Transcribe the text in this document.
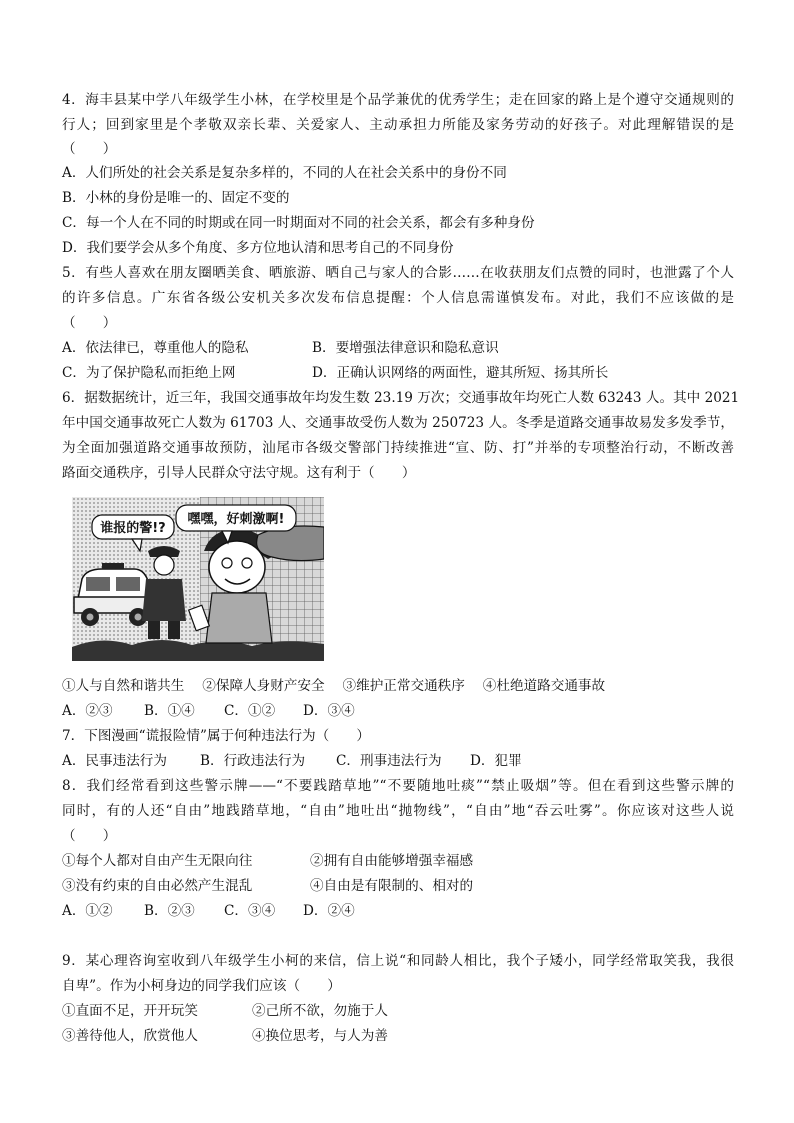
4．海丰县某中学八年级学生小林，在学校里是个品学兼优的优秀学生；走在回家的路上是个遵守交通规则的
行人；回到家里是个孝敬双亲长辈、关爱家人、主动承担力所能及家务劳动的好孩子。对此理解错误的是
（　　）
A．人们所处的社会关系是复杂多样的，不同的人在社会关系中的身份不同
B．小林的身份是唯一的、固定不变的
C．每一个人在不同的时期或在同一时期面对不同的社会关系，都会有多种身份
D．我们要学会从多个角度、多方位地认清和思考自己的不同身份
5．有些人喜欢在朋友圈晒美食、晒旅游、晒自己与家人的合影……在收获朋友们点赞的同时，也泄露了个人
的许多信息。广东省各级公安机关多次发布信息提醒：个人信息需谨慎发布。对此，我们不应该做的是
（　　）
A．依法律已，尊重他人的隐私	B．要增强法律意识和隐私意识
C．为了保护隐私而拒绝上网	D．正确认识网络的两面性，避其所短、扬其所长
6．据数据统计，近三年，我国交通事故年均发生数 23.19 万次；交通事故年均死亡人数 63243 人。其中 2021
年中国交通事故死亡人数为 61703 人、交通事故受伤人数为 250723 人。冬季是道路交通事故易发多发季节，
为全面加强道路交通事故预防，汕尾市各级交警部门持续推进“宣、防、打”并举的专项整治行动，不断改善
路面交通秩序，引导人民群众守法守规。这有利于（　　）
谁报的警!?
嘿嘿，好刺激啊!
①人与自然和谐共生　 ②保障人身财产安全　 ③维护正常交通秩序　 ④杜绝道路交通事故
A．②③ B．①④ C．①② D．③④
7．下图漫画“谎报险情”属于何种违法行为（　　）
A．民事违法行为 B．行政违法行为 C．刑事违法行为 D．犯罪
8．我们经常看到这些警示牌——“不要践踏草地”“不要随地吐痰”“禁止吸烟”等。但在看到这些警示牌的
同时，有的人还“自由”地践踏草地，“自由”地吐出“抛物线”，“自由”地“吞云吐雾”。你应该对这些人说
（　　）
①每个人都对自由产生无限向往	②拥有自由能够增强幸福感
③没有约束的自由必然产生混乱	④自由是有限制的、相对的
A．①② B．②③ C．③④ D．②④
9．某心理咨询室收到八年级学生小柯的来信，信上说“和同龄人相比，我个子矮小，同学经常取笑我，我很
自卑”。作为小柯身边的同学我们应该（　　）
①直面不足，开开玩笑	②己所不欲，勿施于人
③善待他人，欣赏他人	④换位思考，与人为善
